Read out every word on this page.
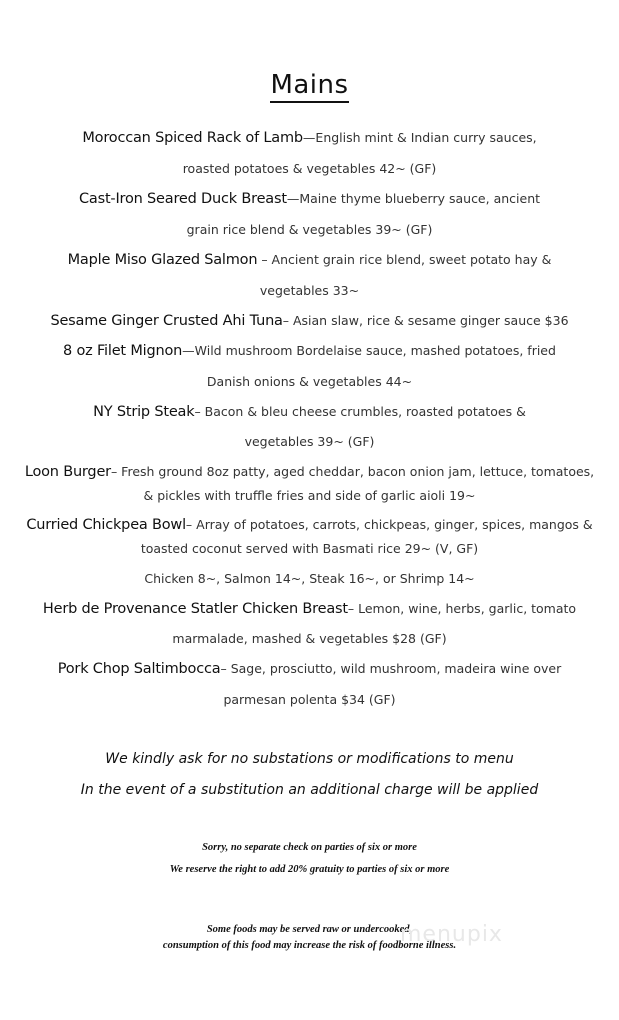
Mains
Moroccan Spiced Rack of Lamb—English mint & Indian curry sauces,
roasted potatoes & vegetables 42~ (GF)
Cast-Iron Seared Duck Breast—Maine thyme blueberry sauce, ancient
grain rice blend & vegetables 39~ (GF)
Maple Miso Glazed Salmon – Ancient grain rice blend, sweet potato hay &
vegetables 33~
Sesame Ginger Crusted Ahi Tuna– Asian slaw, rice & sesame ginger sauce $36
8 oz Filet Mignon—Wild mushroom Bordelaise sauce, mashed potatoes, fried
Danish onions & vegetables 44~
NY Strip Steak– Bacon & bleu cheese crumbles, roasted potatoes &
vegetables 39~ (GF)
Loon Burger– Fresh ground 8oz patty, aged cheddar, bacon onion jam, lettuce, tomatoes,
& pickles with truffle fries and side of garlic aioli 19~
Curried Chickpea Bowl– Array of potatoes, carrots, chickpeas, ginger, spices, mangos &
toasted coconut served with Basmati rice 29~ (V, GF)
Chicken 8~, Salmon 14~, Steak 16~, or Shrimp 14~
Herb de Provenance Statler Chicken Breast– Lemon, wine, herbs, garlic, tomato
marmalade, mashed & vegetables $28 (GF)
Pork Chop Saltimbocca– Sage, prosciutto, wild mushroom, madeira wine over
parmesan polenta $34 (GF)
We kindly ask for no substations or modifications to menu
In the event of a substitution an additional charge will be applied
Sorry, no separate check on parties of six or more
We reserve the right to add 20% gratuity to parties of six or more
Some foods may be served raw or undercooked,
consumption of this food may increase the risk of foodborne illness.
menupix
